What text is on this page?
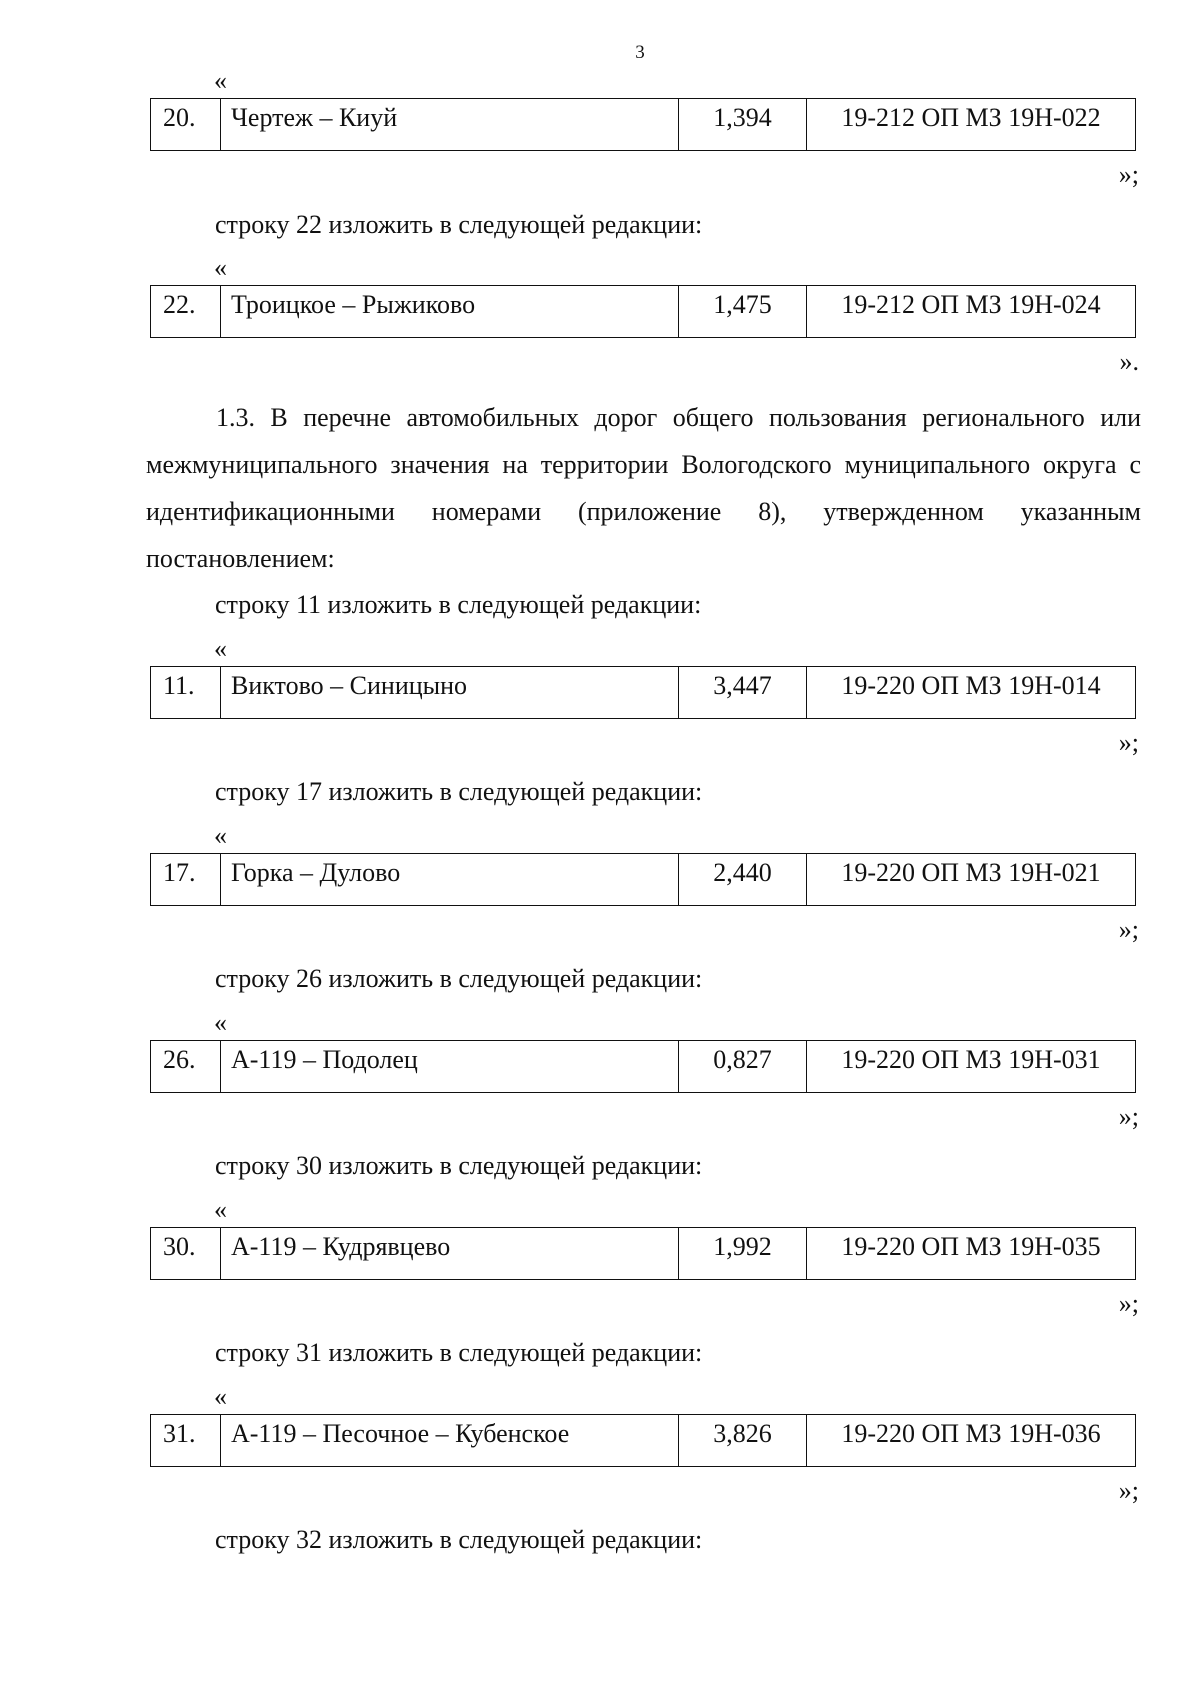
3
«
20.	Чертеж – Киуй	1,394	19-212 ОП МЗ 19Н-022
»;
строку 22 изложить в следующей редакции:
«
22.	Троицкое – Рыжиково	1,475	19-212 ОП МЗ 19Н-024
».

1.3. В перечне автомобильных дорог общего пользования регионального или межмуниципального значения на территории Вологодского муниципального округа с идентификационными номерами (приложение 8), утвержденном указанным постановлением:

строку 11 изложить в следующей редакции:
«
11.	Виктово – Синицыно	3,447	19-220 ОП МЗ 19Н-014
»;
строку 17 изложить в следующей редакции:
«
17.	Горка – Дулово	2,440	19-220 ОП МЗ 19Н-021
»;
строку 26 изложить в следующей редакции:
«
26.	А-119 – Подолец	0,827	19-220 ОП МЗ 19Н-031
»;
строку 30 изложить в следующей редакции:
«
30.	А-119 – Кудрявцево	1,992	19-220 ОП МЗ 19Н-035
»;
строку 31 изложить в следующей редакции:
«
31.	А-119 – Песочное – Кубенское	3,826	19-220 ОП МЗ 19Н-036
»;
строку 32 изложить в следующей редакции:
